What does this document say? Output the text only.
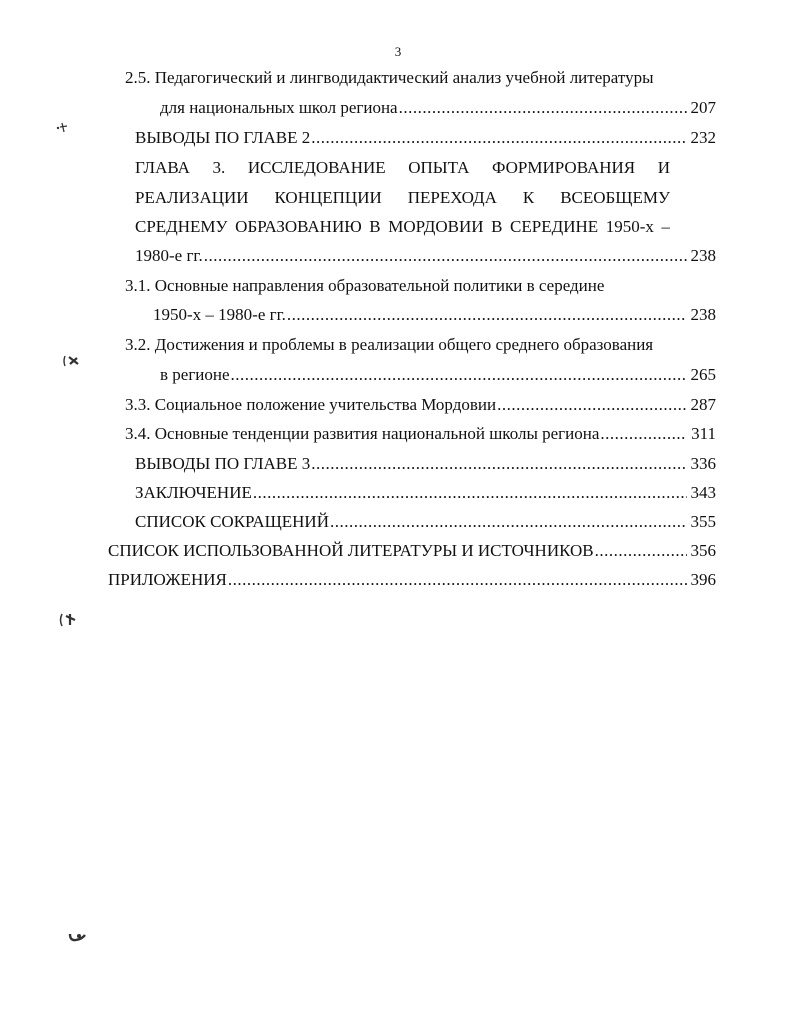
3
2.5. Педагогический и лингводидактический анализ учебной литературы
для национальных школ региона .....	207
ВЫВОДЫ ПО ГЛАВЕ 2 .....	232
ГЛАВА 3. ИССЛЕДОВАНИЕ ОПЫТА ФОРМИРОВАНИЯ И
РЕАЛИЗАЦИИ КОНЦЕПЦИИ ПЕРЕХОДА К ВСЕОБЩЕМУ
СРЕДНЕМУ ОБРАЗОВАНИЮ В МОРДОВИИ В СЕРЕДИНЕ 1950-х –
1980-е гг. .....	238
3.1. Основные направления образовательной политики в середине
1950-х – 1980-е гг. .....	238
3.2. Достижения и проблемы в реализации общего среднего образования
в регионе .....	265
3.3. Социальное положение учительства Мордовии .....	287
3.4. Основные тенденции развития национальной школы региона .....	311
ВЫВОДЫ ПО ГЛАВЕ 3 .....	336
ЗАКЛЮЧЕНИЕ .....	343
СПИСОК СОКРАЩЕНИЙ .....	355
СПИСОК ИСПОЛЬЗОВАННОЙ ЛИТЕРАТУРЫ И ИСТОЧНИКОВ .....	356
ПРИЛОЖЕНИЯ .....	396
